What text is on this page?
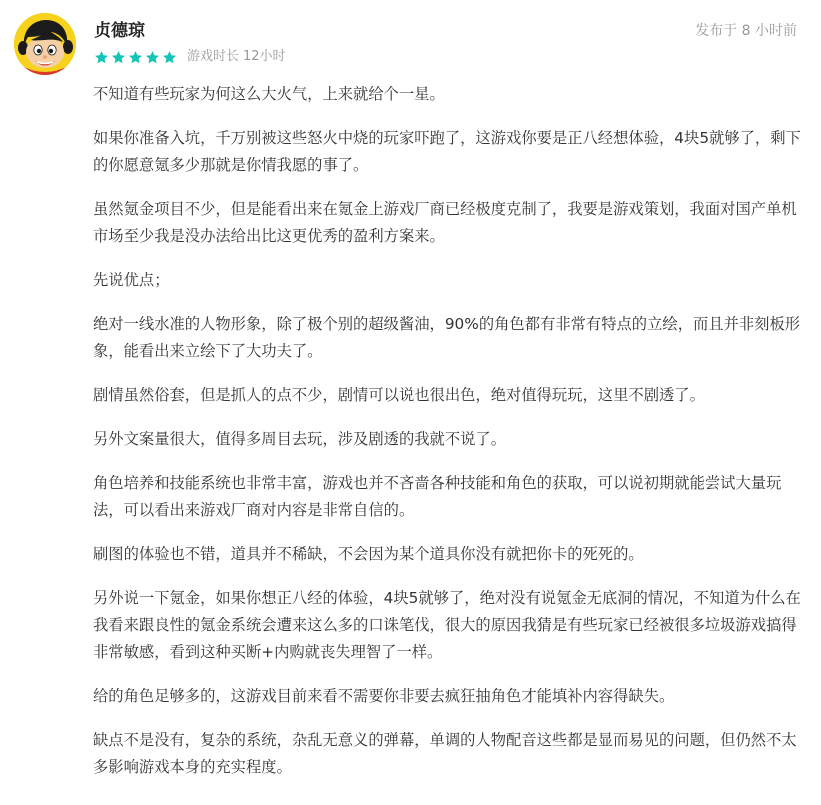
贞德琼	发布于 8 小时前
游戏时长 12小时

不知道有些玩家为何这么大火气，上来就给个一星。

如果你准备入坑，千万别被这些怒火中烧的玩家吓跑了，这游戏你要是正八经想体验，4块5就够了，剩下的你愿意氪多少那就是你情我愿的事了。

虽然氪金项目不少，但是能看出来在氪金上游戏厂商已经极度克制了，我要是游戏策划，我面对国产单机市场至少我是没办法给出比这更优秀的盈利方案来。

先说优点；

绝对一线水准的人物形象，除了极个别的超级酱油，90%的角色都有非常有特点的立绘，而且并非刻板形象，能看出来立绘下了大功夫了。

剧情虽然俗套，但是抓人的点不少，剧情可以说也很出色，绝对值得玩玩，这里不剧透了。

另外文案量很大，值得多周目去玩，涉及剧透的我就不说了。

角色培养和技能系统也非常丰富，游戏也并不吝啬各种技能和角色的获取，可以说初期就能尝试大量玩法，可以看出来游戏厂商对内容是非常自信的。

刷图的体验也不错，道具并不稀缺，不会因为某个道具你没有就把你卡的死死的。

另外说一下氪金，如果你想正八经的体验，4块5就够了，绝对没有说氪金无底洞的情况，不知道为什么在我看来跟良性的氪金系统会遭来这么多的口诛笔伐，很大的原因我猜是有些玩家已经被很多垃圾游戏搞得非常敏感，看到这种买断+内购就丧失理智了一样。

给的角色足够多的，这游戏目前来看不需要你非要去疯狂抽角色才能填补内容得缺失。

缺点不是没有，复杂的系统，杂乱无意义的弹幕，单调的人物配音这些都是显而易见的问题，但仍然不太多影响游戏本身的充实程度。
